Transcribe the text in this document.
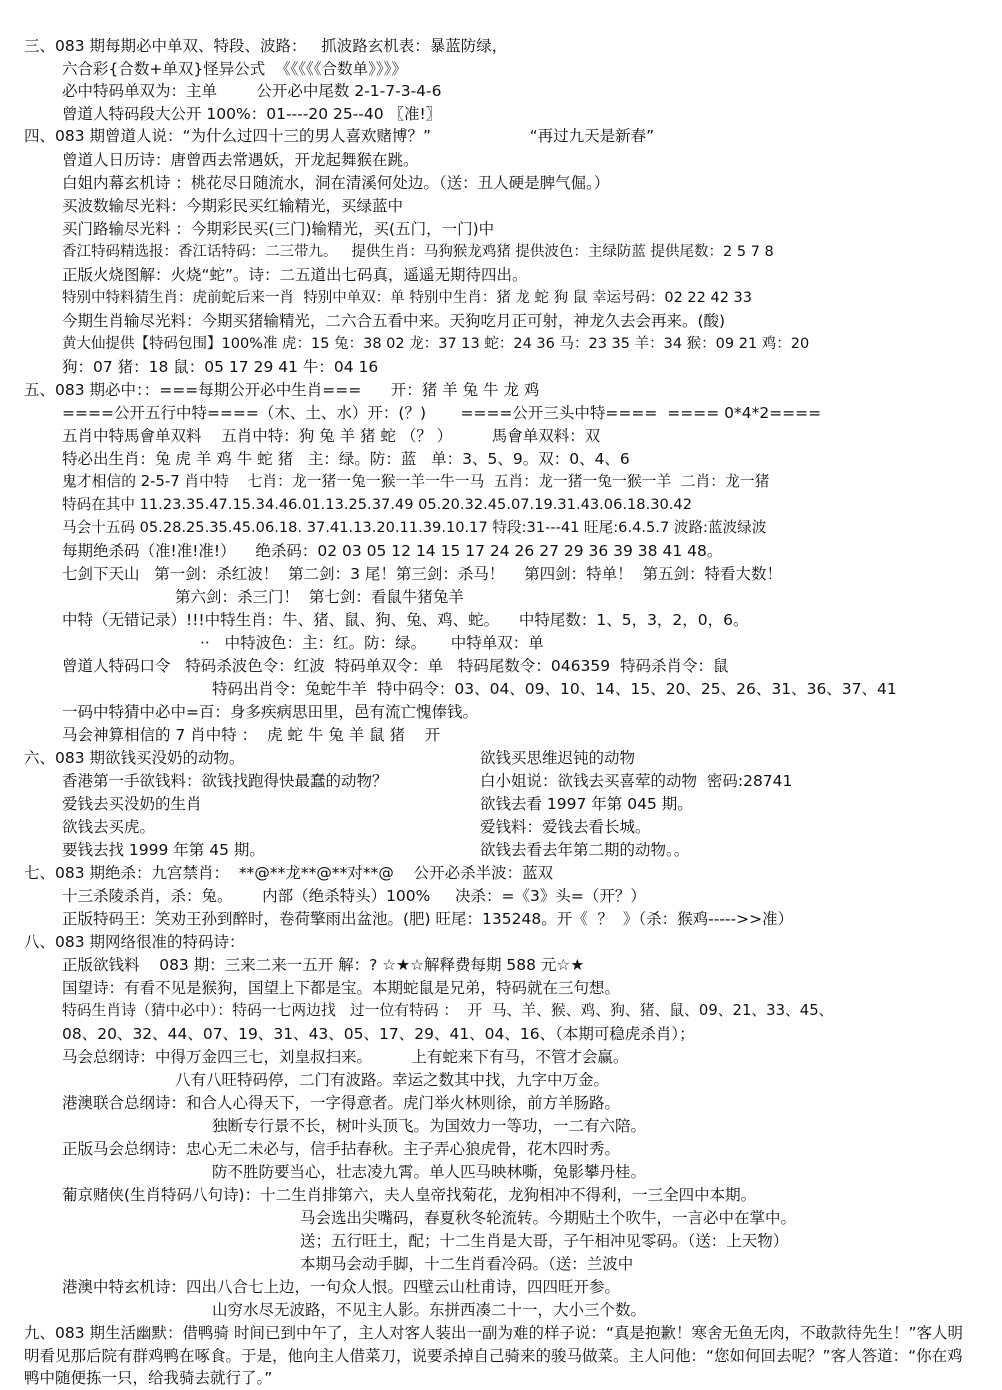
三、083 期每期必中单双、特段、波路：   抓波路玄机表：暴蓝防绿，
六合彩{合数+单双}怪异公式  《《《《《合数单》》》》
必中特码单双为：主单        公开必中尾数 2-1-7-3-4-6
曾道人特码段大公开 100%：01----20 25--40 〖准!〗
四、083 期曾道人说：“为什么过四十三的男人喜欢赌博？”                    “再过九天是新春”
曾道人日历诗：唐曾西去常遇妖，开龙起舞猴在跳。
白姐内幕玄机诗 ：桃花尽日随流水，洞在清溪何处边。（送：丑人硬是脾气倔。）
买波数输尽光料：今期彩民买红输精光，买绿蓝中
买门路输尽光料 ：今期彩民买(三门)输精光，买(五门，一门)中
香江特码精选报：香江话特码：二三带九。   提供生肖：马狗猴龙鸡猪 提供波色：主绿防蓝 提供尾数：2 5 7 8
正版火烧图解：火烧“蛇”。诗：二五道出七码真，遥遥无期待四出。
特别中特料猜生肖：虎前蛇后来一肖  特别中单双：单 特别中生肖：猪 龙 蛇 狗 鼠 幸运号码：02 22 42 33
今期生肖输尽光料：今期买猪输精光，二六合五看中来。天狗吃月正可射，神龙久去会再来。(酸)
黄大仙提供【特码包围】100%准 虎：15 兔：38 02 龙：37 13 蛇：24 36 马：23 35 羊：34 猴：09 21 鸡：20
狗：07 猪：18 鼠：05 17 29 41 牛：04 16
五、083 期必中：：===每期公开必中生肖===      开：猪 羊 兔 牛 龙 鸡
====公开五行中特====（木、土、水）开：(？)       ====公开三头中特====  ==== 0*4*2====
五肖中特馬會单双料    五肖中特：狗 兔 羊 猪 蛇 （？ ）        馬會单双料：双
特必出生肖：兔 虎 羊 鸡 牛 蛇 猪   主：绿。防：蓝   单：3、5、9。双：0、4、6
鬼才相信的 2-5-7 肖中特    七肖：龙一猪一兔一猴一羊一牛一马  五肖：龙一猪一兔一猴一羊  二肖：龙一猪
特码在其中 11.23.35.47.15.34.46.01.13.25.37.49 05.20.32.45.07.19.31.43.06.18.30.42
马会十五码 05.28.25.35.45.06.18. 37.41.13.20.11.39.10.17 特段:31---41 旺尾:6.4.5.7 波路:蓝波绿波
每期绝杀码（准!准!准!）    绝杀码：02 03 05 12 14 15 17 24 26 27 29 36 39 38 41 48。
七剑下天山   第一剑：杀红波！  第二剑：3 尾！第三剑：杀马！    第四剑：特单！  第五剑：特看大数！
第六剑：杀三门！  第七剑：看鼠牛猪兔羊
中特（无错记录）!!!中特生肖：牛、猪、鼠、狗、兔、鸡、蛇。    中特尾数：1、5，3，2，0，6。
··   中特波色：主：红。防：绿。     中特单双：单
曾道人特码口令   特码杀波色令：红波  特码单双令：单   特码尾数令：046359  特码杀肖令：鼠
特码出肖令：兔蛇牛羊  特中码令：03、04、09、10、14、15、20、25、26、31、36、37、41
一码中特猜中必中=百：身多疾病思田里，邑有流亡愧俸钱。
马会神算相信的 7 肖中特 ：  虎 蛇 牛 兔 羊 鼠 猪    开
六、083 期欲钱买没奶的动物。	欲钱买思维迟钝的动物
香港第一手欲钱料：欲钱找跑得快最蠢的动物？	白小姐说：欲钱去买喜荤的动物  密码:28741
爱钱去买没奶的生肖	欲钱去看 1997 年第 045 期。
欲钱去买虎。	爱钱料：爱钱去看长城。
要钱去找 1999 年第 45 期。	欲钱去看去年第二期的动物。。
七、083 期绝杀：九宫禁肖：  **@**龙**@**对**@    公开必杀半波：蓝双
十三杀陵杀肖，杀：兔。      内部（绝杀特头）100%     决杀：=《3》头=（开？）
正版特码王：笑劝王孙到醉时，卷荷擎雨出盆池。(肥) 旺尾：135248。开《  ？  》（杀：猴鸡----->>准）
八、083 期网络很准的特码诗：
正版欲钱料    083 期：三来二来一五开 解：? ☆★☆解释费每期 588 元☆★
国望诗：有看不见是猴狗，国望上下都是宝。本期蛇鼠是兄弟，特码就在三句想。
特码生肖诗（猜中必中）：特码一七两边找   过一位有特码 ：  开  马、羊、猴、鸡、狗、猪、鼠、09、21、33、45、
08、20、32、44、07、19、31、43、05、17、29、41、04、16、（本期可稳虎杀肖）；
马会总纲诗：中得万金四三七，刘皇叔扫来。        上有蛇来下有马，不管才会赢。
八有八旺特码停，二门有波路。幸运之数其中找，九字中万金。
港澳联合总纲诗：和合人心得天下，一字得意者。虎门举火林则徐，前方羊肠路。
独断专行景不长，树叶头顶飞。为国效力一等功，一二有六陪。
正版马会总纲诗：忠心无二未必与，信手拈春秋。主子弄心狼虎骨，花木四时秀。
防不胜防要当心，壮志凌九霄。单人匹马映林嘶，兔影攀丹桂。
葡京赌侠(生肖特码八句诗)：十二生肖排第六，夫人皇帝找菊花，龙狗相冲不得利，一三全四中本期。
马会选出尖嘴码，春夏秋冬轮流转。今期贴土个吹牛，一言必中在掌中。
送；五行旺土，配；十二生肖是大哥，子午相冲见零码。（送：上天物）
本期马会动手脚，十二生肖看冷码。（送：兰波中
港澳中特玄机诗：四出八合七上边，一句众人恨。四壁云山杜甫诗，四四旺开参。
山穷水尽无波路，不见主人影。东拼西凑二十一，大小三个数。
九、083 期生活幽默：借鸭骑 时间已到中午了，主人对客人装出一副为难的样子说：“真是抱歉！寒舍无鱼无肉，不敢款待先生！”客人明明看见那后院有群鸡鸭在啄食。于是，他向主人借菜刀，说要杀掉自己骑来的骏马做菜。主人问他：“您如何回去呢？”客人答道：“你在鸡鸭中随便拣一只，给我骑去就行了。”
